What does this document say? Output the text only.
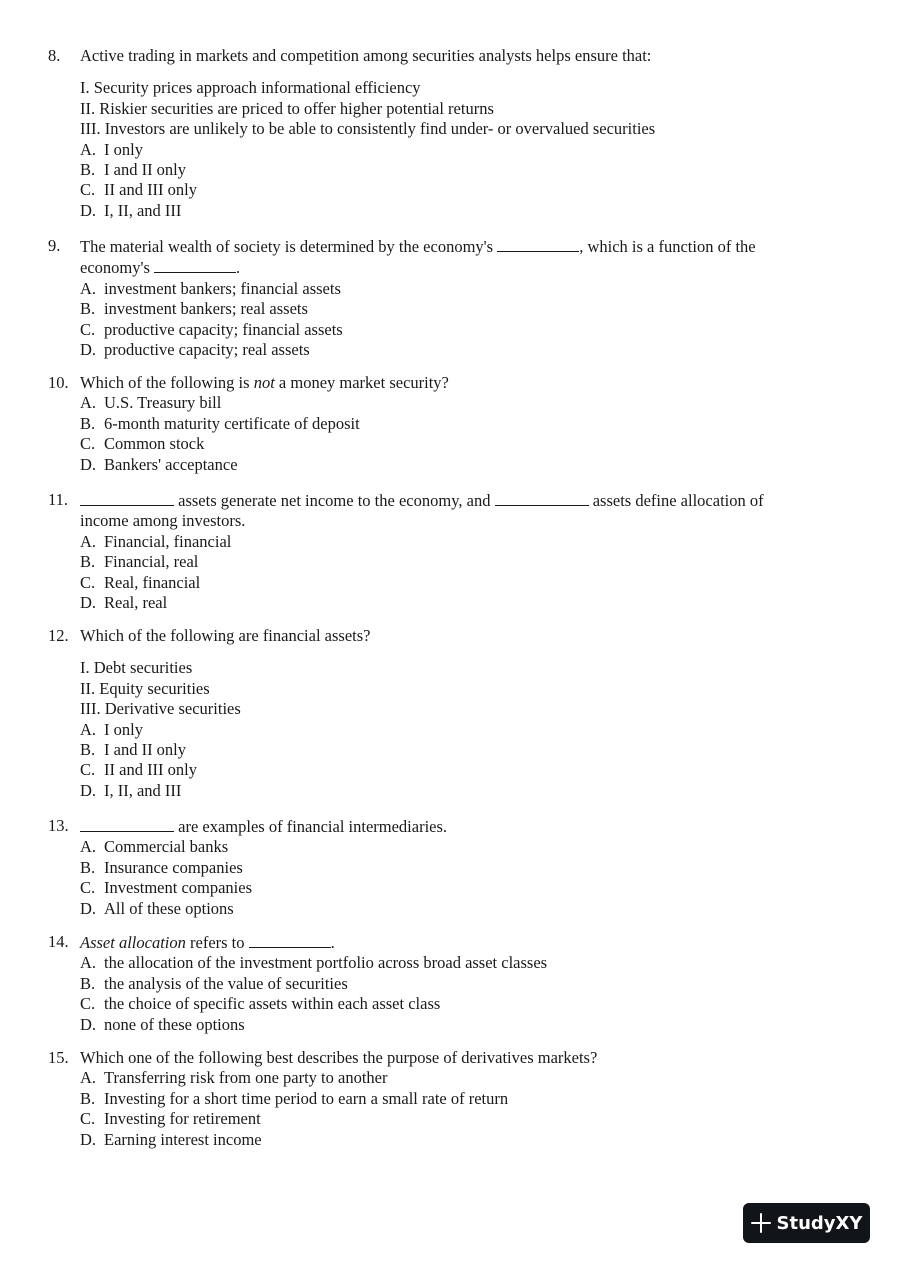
8. Active trading in markets and competition among securities analysts helps ensure that:
I. Security prices approach informational efficiency
II. Riskier securities are priced to offer higher potential returns
III. Investors are unlikely to be able to consistently find under- or overvalued securities
A. I only
B. I and II only
C. II and III only
D. I, II, and III
9. The material wealth of society is determined by the economy's	, which is a function of the
economy's	.
A. investment bankers; financial assets
B. investment bankers; real assets
C. productive capacity; financial assets
D. productive capacity; real assets
10. Which of the following is not a money market security?
A. U.S. Treasury bill
B. 6-month maturity certificate of deposit
C. Common stock
D. Bankers' acceptance
11.	assets generate net income to the economy, and	assets define allocation of
income among investors.
A. Financial, financial
B. Financial, real
C. Real, financial
D. Real, real
12. Which of the following are financial assets?
I. Debt securities
II. Equity securities
III. Derivative securities
A. I only
B. I and II only
C. II and III only
D. I, II, and III
13.	are examples of financial intermediaries.
A. Commercial banks
B. Insurance companies
C. Investment companies
D. All of these options
14. Asset allocation refers to	.
A. the allocation of the investment portfolio across broad asset classes
B. the analysis of the value of securities
C. the choice of specific assets within each asset class
D. none of these options
15. Which one of the following best describes the purpose of derivatives markets?
A. Transferring risk from one party to another
B. Investing for a short time period to earn a small rate of return
C. Investing for retirement
D. Earning interest income
StudyXY
